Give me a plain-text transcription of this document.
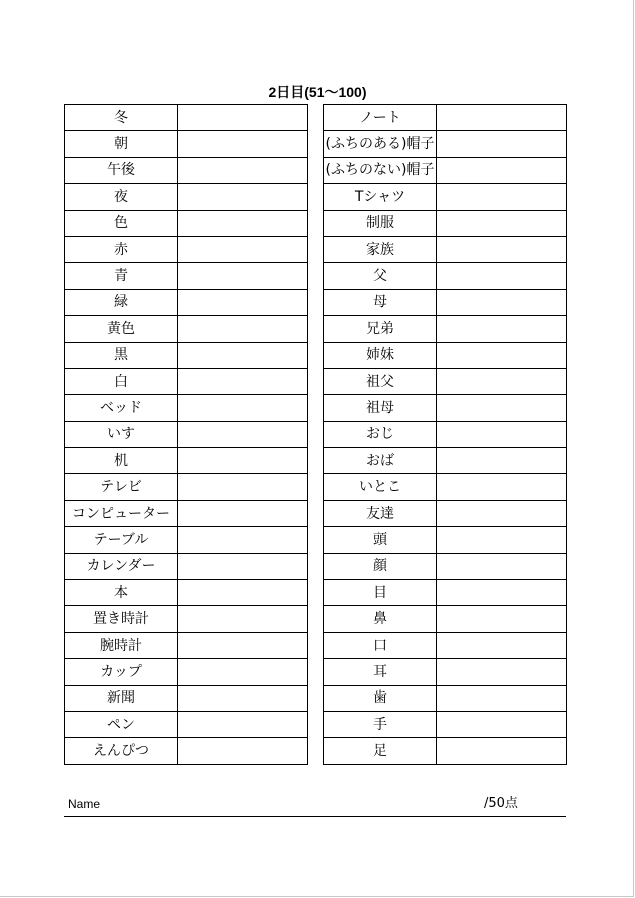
2日目(51〜100)
冬	
朝	
午後	
夜	
色	
赤	
青	
緑	
黄色	
黒	
白	
ベッド	
いす	
机	
テレビ	
コンピューター	
テーブル	
カレンダー	
本	
置き時計	
腕時計	
カップ	
新聞	
ペン	
えんぴつ	
ノート	
(ふちのある)帽子	
(ふちのない)帽子	
Tシャツ	
制服	
家族	
父	
母	
兄弟	
姉妹	
祖父	
祖母	
おじ	
おば	
いとこ	
友達	
頭	
顔	
目	
鼻	
口	
耳	
歯	
手	
足	
Name	/50点
